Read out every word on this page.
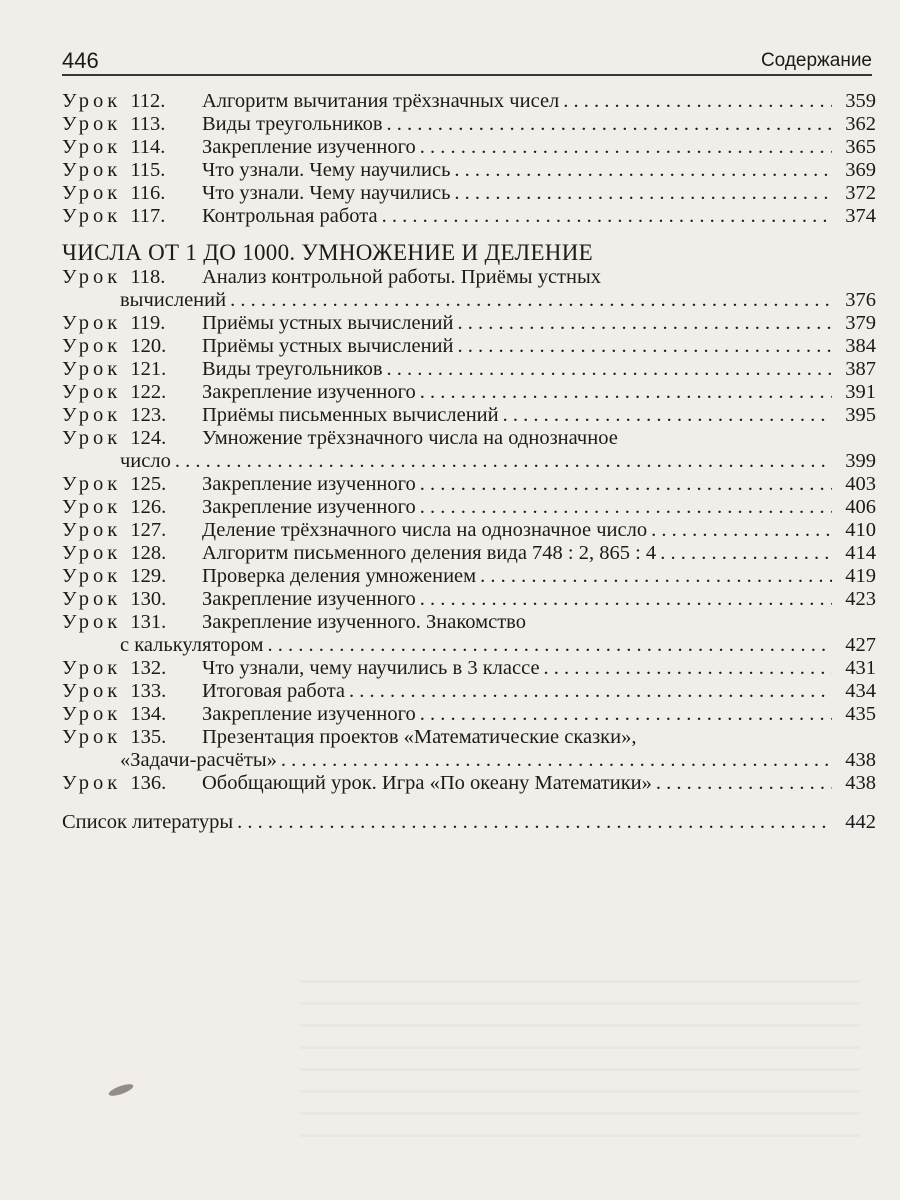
446	Содержание
Урок 112.	Алгоритм вычитания трёхзначных чисел . . .	359
Урок 113.	Виды треугольников . . .	362
Урок 114.	Закрепление изученного . . .	365
Урок 115.	Что узнали. Чему научились . . .	369
Урок 116.	Что узнали. Чему научились . . .	372
Урок 117.	Контрольная работа . . .	374
ЧИСЛА ОТ 1 ДО 1000. УМНОЖЕНИЕ И ДЕЛЕНИЕ
Урок 118.	Анализ контрольной работы. Приёмы устных
вычислений . . .	376
Урок 119.	Приёмы устных вычислений . . .	379
Урок 120.	Приёмы устных вычислений . . .	384
Урок 121.	Виды треугольников . . .	387
Урок 122.	Закрепление изученного . . .	391
Урок 123.	Приёмы письменных вычислений . . .	395
Урок 124.	Умножение трёхзначного числа на однозначное
число . . .	399
Урок 125.	Закрепление изученного . . .	403
Урок 126.	Закрепление изученного . . .	406
Урок 127.	Деление трёхзначного числа на однозначное число . . .	410
Урок 128.	Алгоритм письменного деления вида 748 : 2, 865 : 4 . . .	414
Урок 129.	Проверка деления умножением . . .	419
Урок 130.	Закрепление изученного . . .	423
Урок 131.	Закрепление изученного. Знакомство
с калькулятором . . .	427
Урок 132.	Что узнали, чему научились в 3 классе . . .	431
Урок 133.	Итоговая работа . . .	434
Урок 134.	Закрепление изученного . . .	435
Урок 135.	Презентация проектов «Математические сказки»,
«Задачи-расчёты» . . .	438
Урок 136.	Обобщающий урок. Игра «По океану Математики» . . .	438
Список литературы . . .	442
